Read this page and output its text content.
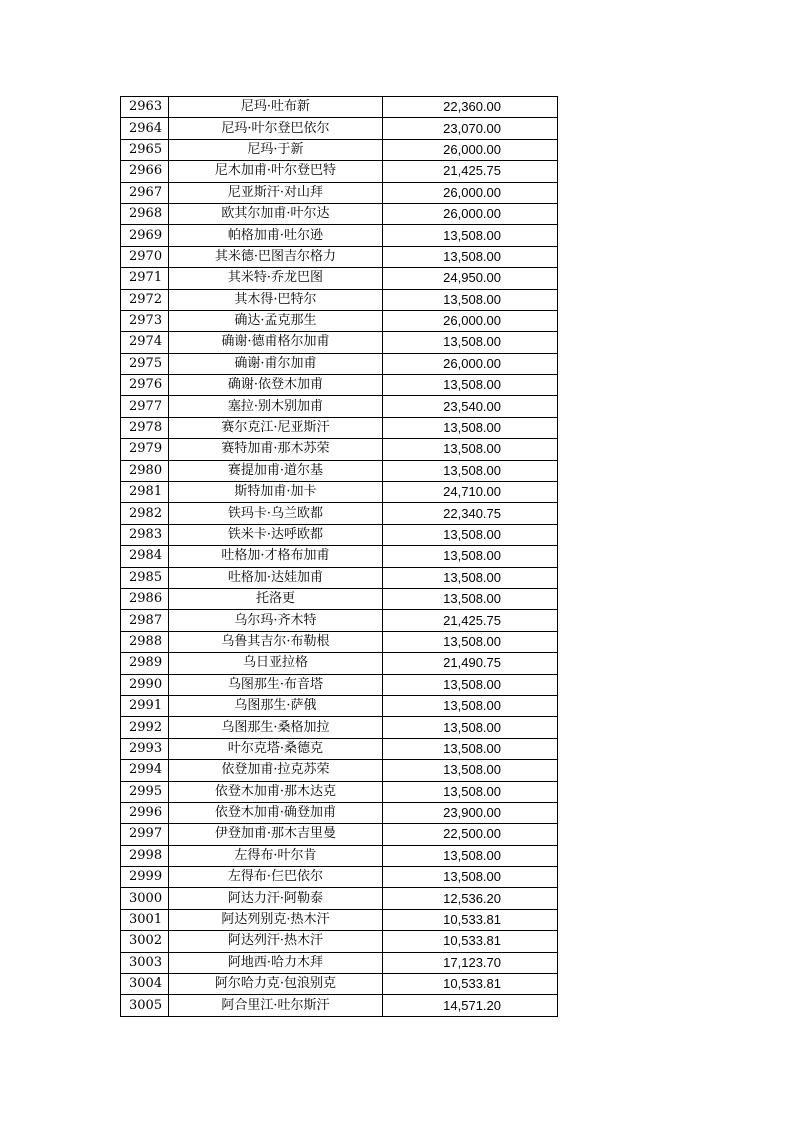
2963	尼玛·吐布新	22,360.00
2964	尼玛·叶尔登巴依尔	23,070.00
2965	尼玛·于新	26,000.00
2966	尼木加甫·叶尔登巴特	21,425.75
2967	尼亚斯汗·对山拜	26,000.00
2968	欧其尔加甫·叶尔达	26,000.00
2969	帕格加甫·吐尔逊	13,508.00
2970	其米德·巴图吉尔格力	13,508.00
2971	其米特·乔龙巴图	24,950.00
2972	其木得·巴特尔	13,508.00
2973	确达·孟克那生	26,000.00
2974	确谢·德甫格尔加甫	13,508.00
2975	确谢·甫尔加甫	26,000.00
2976	确谢·依登木加甫	13,508.00
2977	塞拉·别木别加甫	23,540.00
2978	赛尔克江·尼亚斯汗	13,508.00
2979	赛特加甫·那木苏荣	13,508.00
2980	赛提加甫·道尔基	13,508.00
2981	斯特加甫·加卡	24,710.00
2982	铁玛卡·乌兰欧都	22,340.75
2983	铁米卡·达呼欧都	13,508.00
2984	吐格加·才格布加甫	13,508.00
2985	吐格加·达娃加甫	13,508.00
2986	托洛更	13,508.00
2987	乌尔玛·齐木特	21,425.75
2988	乌鲁其吉尔·布勒根	13,508.00
2989	乌日亚拉格	21,490.75
2990	乌图那生·布音塔	13,508.00
2991	乌图那生·萨俄	13,508.00
2992	乌图那生·桑格加拉	13,508.00
2993	叶尔克塔·桑德克	13,508.00
2994	依登加甫·拉克苏荣	13,508.00
2995	依登木加甫·那木达克	13,508.00
2996	依登木加甫·确登加甫	23,900.00
2997	伊登加甫·那木吉里曼	22,500.00
2998	左得布·叶尔肯	13,508.00
2999	左得布·仨巴依尔	13,508.00
3000	阿达力汗·阿勒泰	12,536.20
3001	阿达列别克·热木汗	10,533.81
3002	阿达列汗·热木汗	10,533.81
3003	阿地西·哈力木拜	17,123.70
3004	阿尔哈力克·包浪别克	10,533.81
3005	阿合里江·吐尔斯汗	14,571.20
